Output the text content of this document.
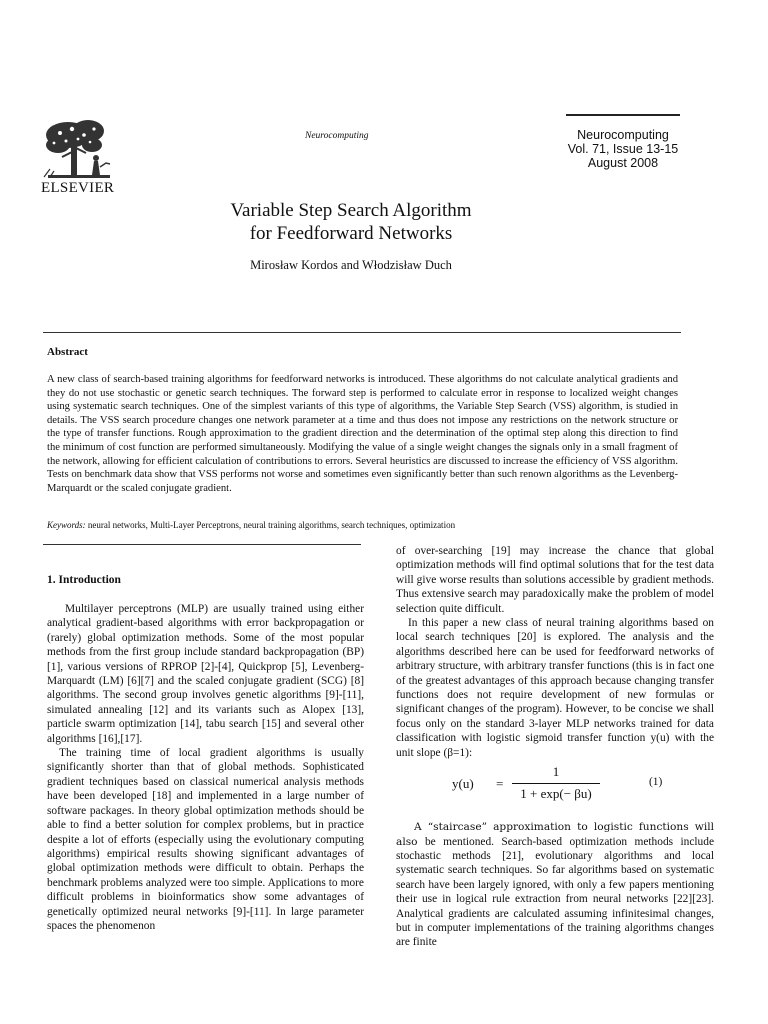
ELSEVIER
Neurocomputing	Neurocomputing
Vol. 71, Issue 13-15
August 2008
Variable Step Search Algorithm
for Feedforward Networks
Mirosław Kordos and Włodzisław Duch
Abstract
A new class of search-based training algorithms for feedforward networks is introduced. These algorithms do not calculate analytical gradients and they do not use stochastic or genetic search techniques. The forward step is performed to calculate error in response to localized weight changes using systematic search techniques. One of the simplest variants of this type of algorithms, the Variable Step Search (VSS) algorithm, is studied in details. The VSS search procedure changes one network parameter at a time and thus does not impose any restrictions on the network structure or the type of transfer functions. Rough approximation to the gradient direction and the determination of the optimal step along this direction to find the minimum of cost function are performed simultaneously. Modifying the value of a single weight changes the signals only in a small fragment of the network, allowing for efficient calculation of contributions to errors. Several heuristics are discussed to increase the efficiency of VSS algorithm. Tests on benchmark data show that VSS performs not worse and sometimes even significantly better than such renown algorithms as the Levenberg-Marquardt or the scaled conjugate gradient.
Keywords: neural networks, Multi-Layer Perceptrons, neural training algorithms, search techniques, optimization
1. Introduction

Multilayer perceptrons (MLP) are usually trained using either analytical gradient-based algorithms with error backpropagation or (rarely) global optimization methods. Some of the most popular methods from the first group include standard backpropagation (BP) [1], various versions of RPROP [2]-[4], Quickprop [5], Levenberg-Marquardt (LM) [6][7] and the scaled conjugate gradient (SCG) [8] algorithms. The second group involves genetic algorithms [9]-[11], simulated annealing [12] and its variants such as Alopex [13], particle swarm optimization [14], tabu search [15] and several other algorithms [16],[17].

The training time of local gradient algorithms is usually significantly shorter than that of global methods. Sophisticated gradient techniques based on classical numerical analysis methods have been developed [18] and implemented in a large number of software packages. In theory global optimization methods should be able to find a better solution for complex problems, but in practice despite a lot of efforts (especially using the evolutionary computing algorithms) empirical results showing significant advantages of global optimization methods were difficult to obtain. Perhaps the benchmark problems analyzed were too simple. Applications to more difficult problems in bioinformatics show some advantages of genetically optimized neural networks [9]-[11]. In large parameter spaces the phenomenon

of over-searching [19] may increase the chance that global optimization methods will find optimal solutions that for the test data will give worse results than solutions accessible by gradient methods. Thus extensive search may paradoxically make the problem of model selection quite difficult.

In this paper a new class of neural training algorithms based on local search techniques [20] is explored. The analysis and the algorithms described here can be used for feedforward networks of arbitrary structure, with arbitrary transfer functions (this is in fact one of the greatest advantages of this approach because changing transfer functions does not require development of new formulas or significant changes of the program). However, to be concise we shall focus only on the standard 3-layer MLP networks trained for data classification with logistic sigmoid transfer function y(u) with the unit slope (β=1):

y(u) =
1
1 + exp(− βu)
(1)

A “staircase” approximation to logistic functions will also be mentioned. Search-based optimization methods include stochastic methods [21], evolutionary algorithms and local systematic search techniques. So far algorithms based on systematic search have been largely ignored, with only a few papers mentioning their use in logical rule extraction from neural networks [22][23]. Analytical gradients are calculated assuming infinitesimal changes, but in computer implementations of the training algorithms changes are finite
